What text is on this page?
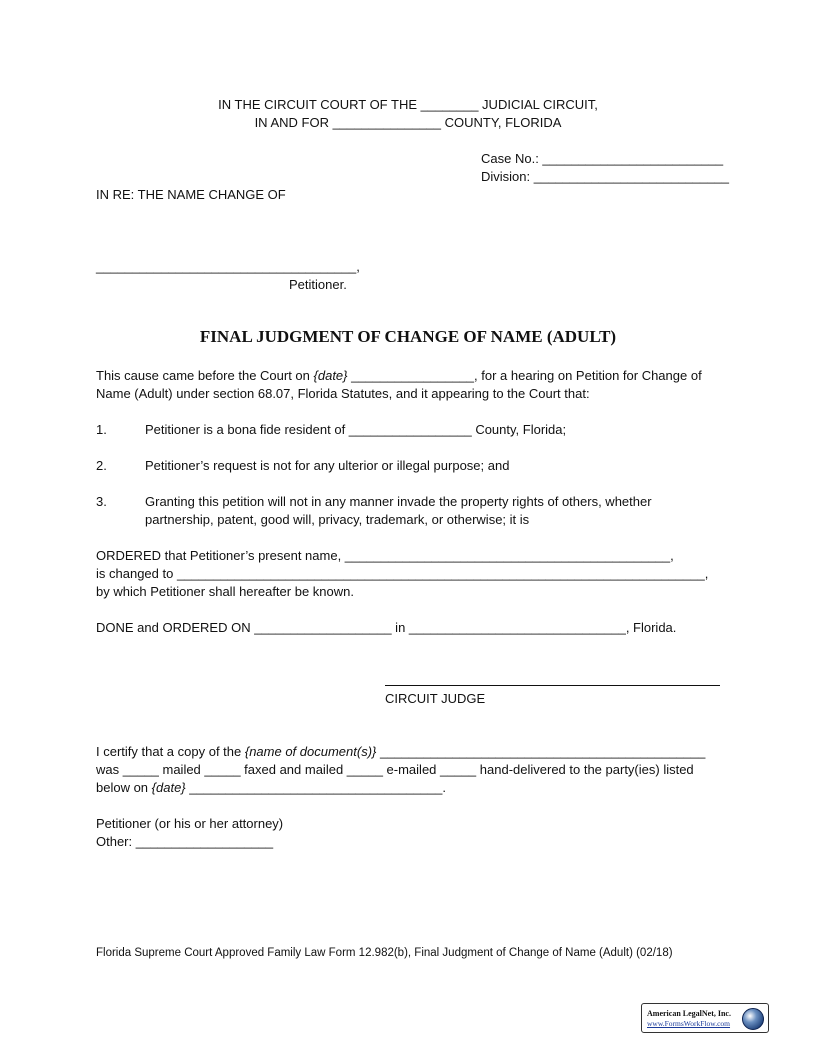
IN THE CIRCUIT COURT OF THE ________ JUDICIAL CIRCUIT,
IN AND FOR _______________ COUNTY, FLORIDA
Case No.: _________________________
Division: ___________________________
IN RE: THE NAME CHANGE OF
____________________________________,
Petitioner.
FINAL JUDGMENT OF CHANGE OF NAME (ADULT)
This cause came before the Court on {date} _________________, for a hearing on Petition for Change of
Name (Adult) under section 68.07, Florida Statutes, and it appearing to the Court that:
1.	Petitioner is a bona fide resident of _________________ County, Florida;
2.	Petitioner’s request is not for any ulterior or illegal purpose; and
3.	Granting this petition will not in any manner invade the property rights of others, whether
partnership, patent, good will, privacy, trademark, or otherwise; it is
ORDERED that Petitioner’s present name, _____________________________________________,
is changed to _________________________________________________________________________,
by which Petitioner shall hereafter be known.
DONE and ORDERED ON ___________________ in ______________________________, Florida.
CIRCUIT JUDGE
I certify that a copy of the {name of document(s)} _____________________________________________
was _____ mailed _____ faxed and mailed _____ e-mailed _____ hand-delivered to the party(ies) listed
below on {date} ___________________________________.
Petitioner (or his or her attorney)
Other: ___________________
Florida Supreme Court Approved Family Law Form 12.982(b), Final Judgment of Change of Name (Adult) (02/18)
American LegalNet, Inc.
www.FormsWorkFlow.com
